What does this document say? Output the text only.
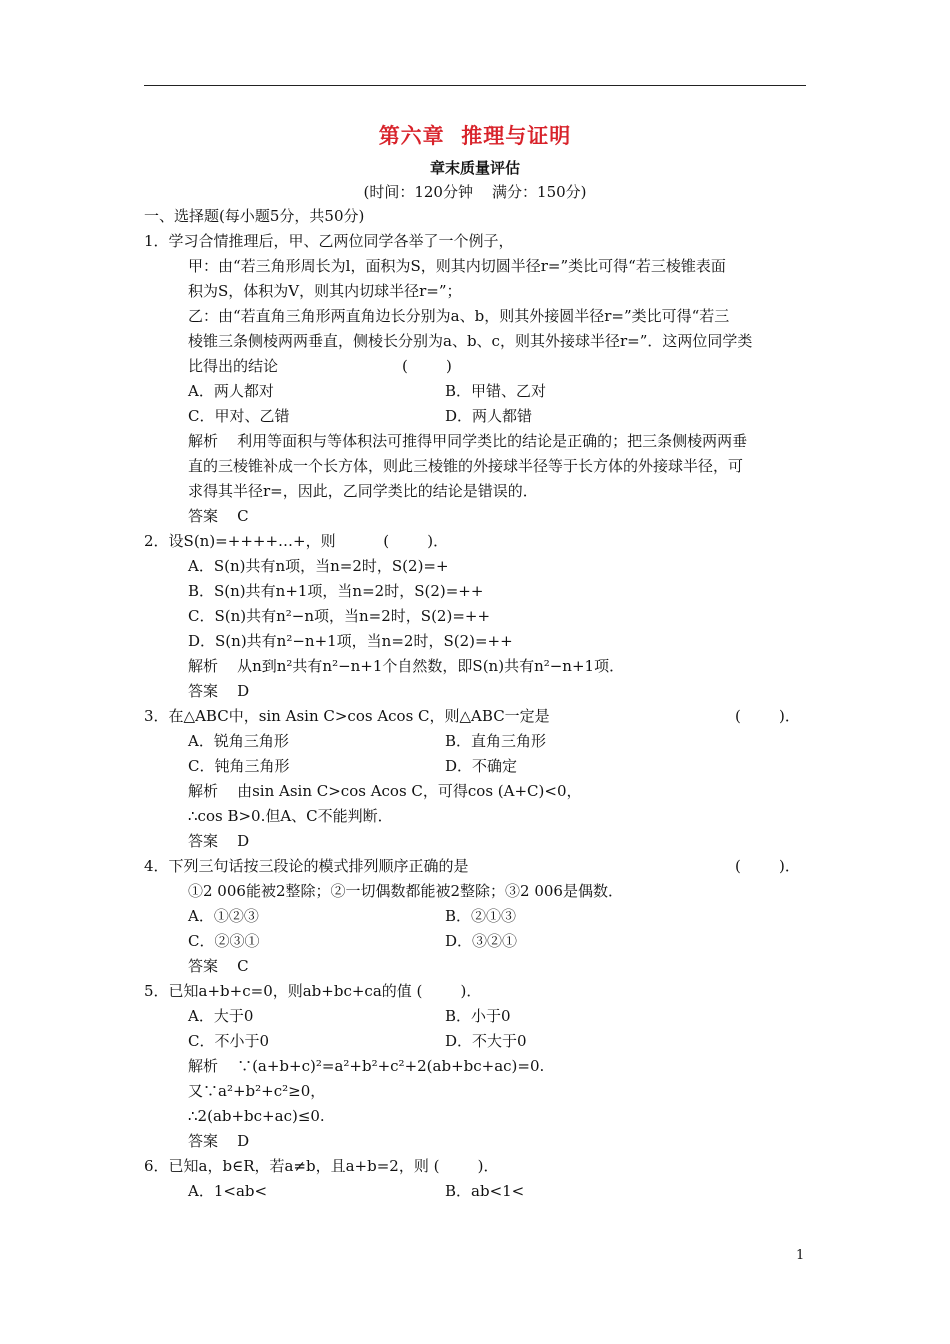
第六章  推理与证明
章末质量评估
(时间：120分钟    满分：150分)
一、选择题(每小题5分，共50分)
1．学习合情推理后，甲、乙两位同学各举了一个例子，
甲：由“若三角形周长为l，面积为S，则其内切圆半径r=”类比可得“若三棱锥表面
积为S，体积为V，则其内切球半径r=”；
乙：由“若直角三角形两直角边长分别为a、b，则其外接圆半径r=”类比可得“若三
棱锥三条侧棱两两垂直，侧棱长分别为a、b、c，则其外接球半径r=”．这两位同学类
比得出的结论                          (        )
A．两人都对	B．甲错、乙对
C．甲对、乙错	D．两人都错
解析    利用等面积与等体积法可推得甲同学类比的结论是正确的；把三条侧棱两两垂
直的三棱锥补成一个长方体，则此三棱锥的外接球半径等于长方体的外接球半径，可
求得其半径r=，因此，乙同学类比的结论是错误的．
答案    C
2．设S(n)=++++…+，则          (        )．
A．S(n)共有n项，当n=2时，S(2)=+
B．S(n)共有n+1项，当n=2时，S(2)=++
C．S(n)共有n²−n项，当n=2时，S(2)=++
D．S(n)共有n²−n+1项，当n=2时，S(2)=++
解析    从n到n²共有n²−n+1个自然数，即S(n)共有n²−n+1项．
答案    D
3．在△ABC中，sin Asin C>cos Acos C，则△ABC一定是	(        )．
A．锐角三角形	B．直角三角形
C．钝角三角形	D．不确定
解析    由sin Asin C>cos Acos C，可得cos (A+C)<0，
∴cos B>0.但A、C不能判断．
答案    D
4．下列三句话按三段论的模式排列顺序正确的是	(        )．
①2 006能被2整除；②一切偶数都能被2整除；③2 006是偶数．
A．①②③	B．②①③
C．②③①	D．③②①
答案    C
5．已知a+b+c=0，则ab+bc+ca的值 (        )．
A．大于0	B．小于0
C．不小于0	D．不大于0
解析    ∵(a+b+c)²=a²+b²+c²+2(ab+bc+ac)=0.
又∵a²+b²+c²≥0，
∴2(ab+bc+ac)≤0.
答案    D
6．已知a，b∈R，若a≠b，且a+b=2，则 (        )．
A．1<ab<	B．ab<1<
1
